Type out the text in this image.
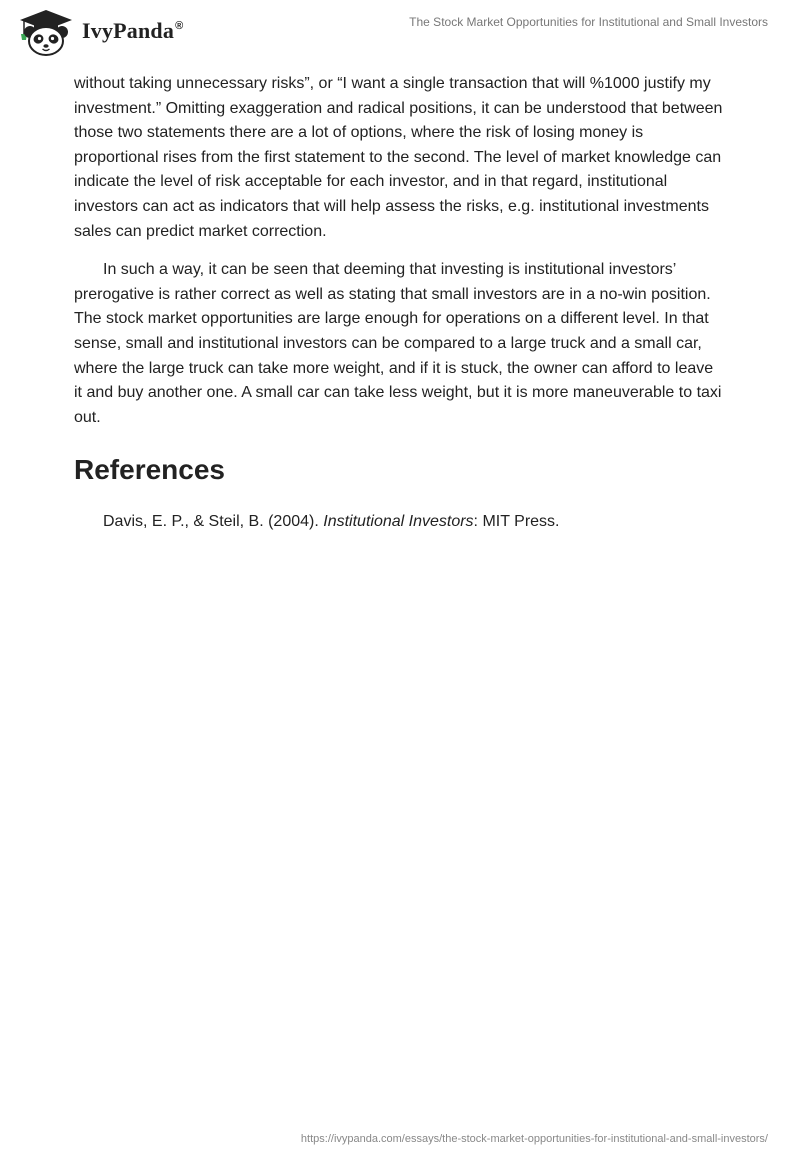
IvyPanda®	The Stock Market Opportunities for Institutional and Small Investors

without taking unnecessary risks”, or “I want a single transaction that will %1000 justify my investment.” Omitting exaggeration and radical positions, it can be understood that between those two statements there are a lot of options, where the risk of losing money is proportional rises from the first statement to the second. The level of market knowledge can indicate the level of risk acceptable for each investor, and in that regard, institutional investors can act as indicators that will help assess the risks, e.g. institutional investments sales can predict market correction.

In such a way, it can be seen that deeming that investing is institutional investors’ prerogative is rather correct as well as stating that small investors are in a no-win position. The stock market opportunities are large enough for operations on a different level. In that sense, small and institutional investors can be compared to a large truck and a small car, where the large truck can take more weight, and if it is stuck, the owner can afford to leave it and buy another one. A small car can take less weight, but it is more maneuverable to taxi out.

References

Davis, E. P., & Steil, B. (2004). Institutional Investors: MIT Press.

https://ivypanda.com/essays/the-stock-market-opportunities-for-institutional-and-small-investors/
